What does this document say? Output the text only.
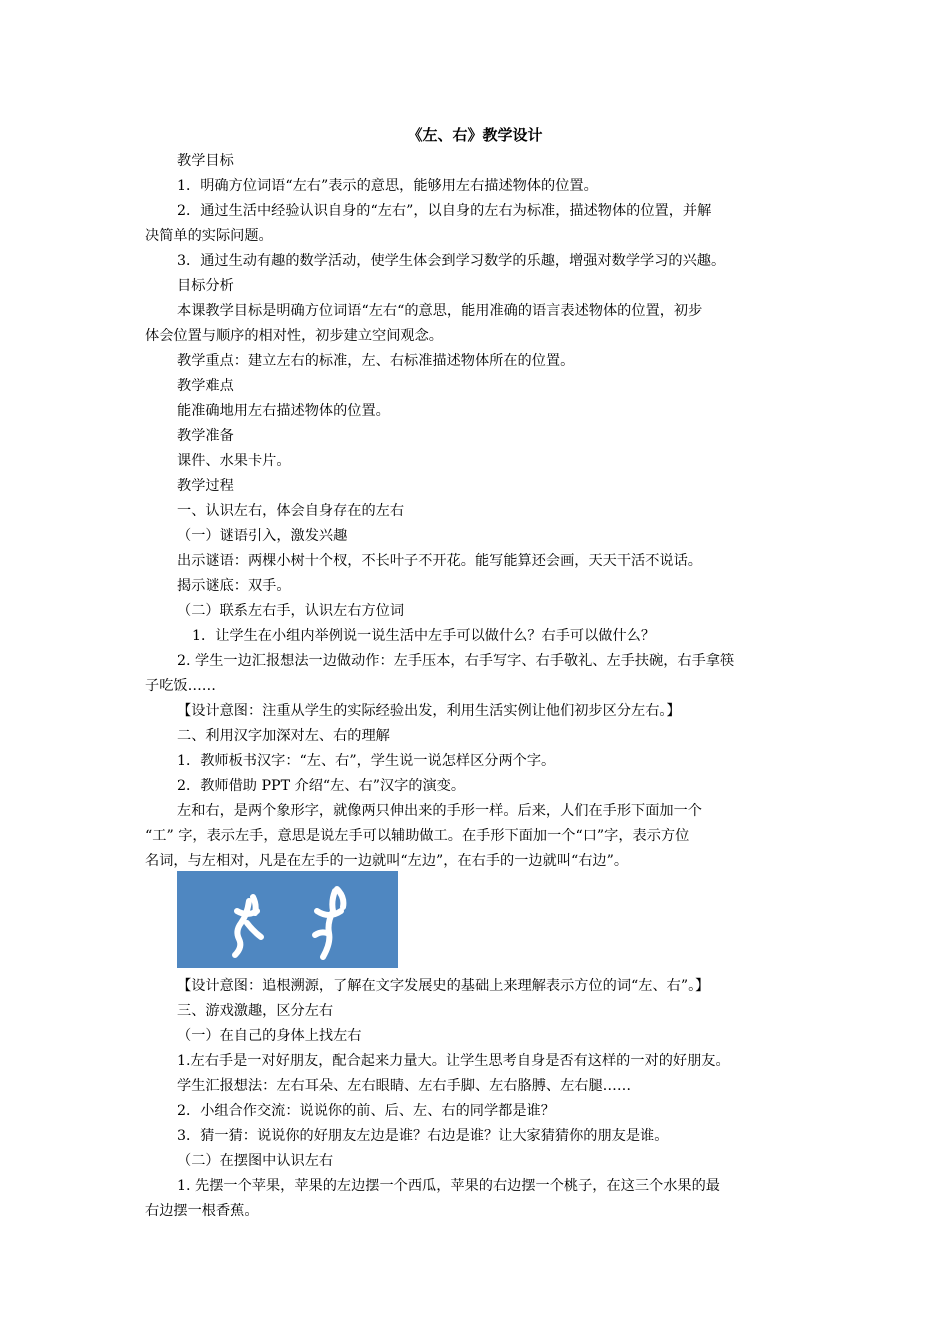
《左、右》教学设计
教学目标
1．明确方位词语“左右”表示的意思，能够用左右描述物体的位置。
2．通过生活中经验认识自身的“左右”，以自身的左右为标准，描述物体的位置，并解
决简单的实际问题。
3．通过生动有趣的数学活动，使学生体会到学习数学的乐趣，增强对数学学习的兴趣。
目标分析
本课教学目标是明确方位词语“左右“的意思，能用准确的语言表述物体的位置，初步
体会位置与顺序的相对性，初步建立空间观念。
教学重点：建立左右的标准，左、右标准描述物体所在的位置。
教学难点
能准确地用左右描述物体的位置。
教学准备
课件、水果卡片。
教学过程
一、认识左右，体会自身存在的左右
（一）谜语引入，激发兴趣
出示谜语：两棵小树十个杈，不长叶子不开花。能写能算还会画，天天干活不说话。
揭示谜底：双手。
（二）联系左右手，认识左右方位词
1．让学生在小组内举例说一说生活中左手可以做什么？右手可以做什么？
2. 学生一边汇报想法一边做动作：左手压本，右手写字、右手敬礼、左手扶碗，右手拿筷
子吃饭……
【设计意图：注重从学生的实际经验出发，利用生活实例让他们初步区分左右。】
二、利用汉字加深对左、右的理解
1．教师板书汉字：“左、右”，学生说一说怎样区分两个字。
2．教师借助 PPT 介绍“左、右”汉字的演变。
左和右，是两个象形字，就像两只伸出来的手形一样。后来，人们在手形下面加一个
“工” 字，表示左手，意思是说左手可以辅助做工。在手形下面加一个“口”字，表示方位
名词，与左相对，凡是在左手的一边就叫“左边”，在右手的一边就叫“右边”。
【设计意图：追根溯源，了解在文字发展史的基础上来理解表示方位的词“左、右”。】
三、游戏激趣，区分左右
（一）在自己的身体上找左右
1.左右手是一对好朋友，配合起来力量大。让学生思考自身是否有这样的一对的好朋友。
学生汇报想法：左右耳朵、左右眼睛、左右手脚、左右胳膊、左右腿……
2．小组合作交流：说说你的前、后、左、右的同学都是谁？
3．猜一猜：说说你的好朋友左边是谁？右边是谁？让大家猜猜你的朋友是谁。
（二）在摆图中认识左右
1. 先摆一个苹果，苹果的左边摆一个西瓜，苹果的右边摆一个桃子，在这三个水果的最
右边摆一根香蕉。
